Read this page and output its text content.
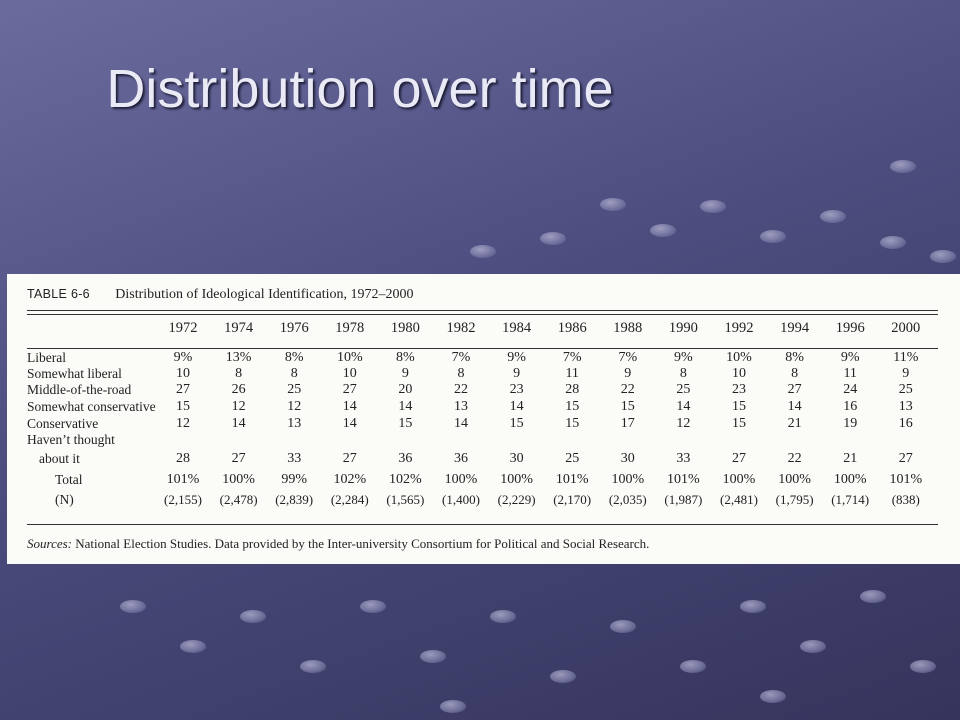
Distribution over time
TABLE 6-6 Distribution of Ideological Identification, 1972–2000
1972	1974	1976	1978	1980	1982	1984	1986	1988	1990	1992	1994	1996	2000
Liberal	9%	13%	8%	10%	8%	7%	9%	7%	7%	9%	10%	8%	9%	11%
Somewhat liberal	10	8	8	10	9	8	9	11	9	8	10	8	11	9
Middle-of-the-road	27	26	25	27	20	22	23	28	22	25	23	27	24	25
Somewhat conservative	15	12	12	14	14	13	14	15	15	14	15	14	16	13
Conservative	12	14	13	14	15	14	15	15	17	12	15	21	19	16
Haven’t thought
about it	28	27	33	27	36	36	30	25	30	33	27	22	21	27
Total	101%	100%	99%	102%	102%	100%	100%	101%	100%	101%	100%	100%	100%	101%
(N)	(2,155)	(2,478)	(2,839)	(2,284)	(1,565)	(1,400)	(2,229)	(2,170)	(2,035)	(1,987)	(2,481)	(1,795)	(1,714)	(838)
Sources: National Election Studies. Data provided by the Inter-university Consortium for Political and Social Research.
